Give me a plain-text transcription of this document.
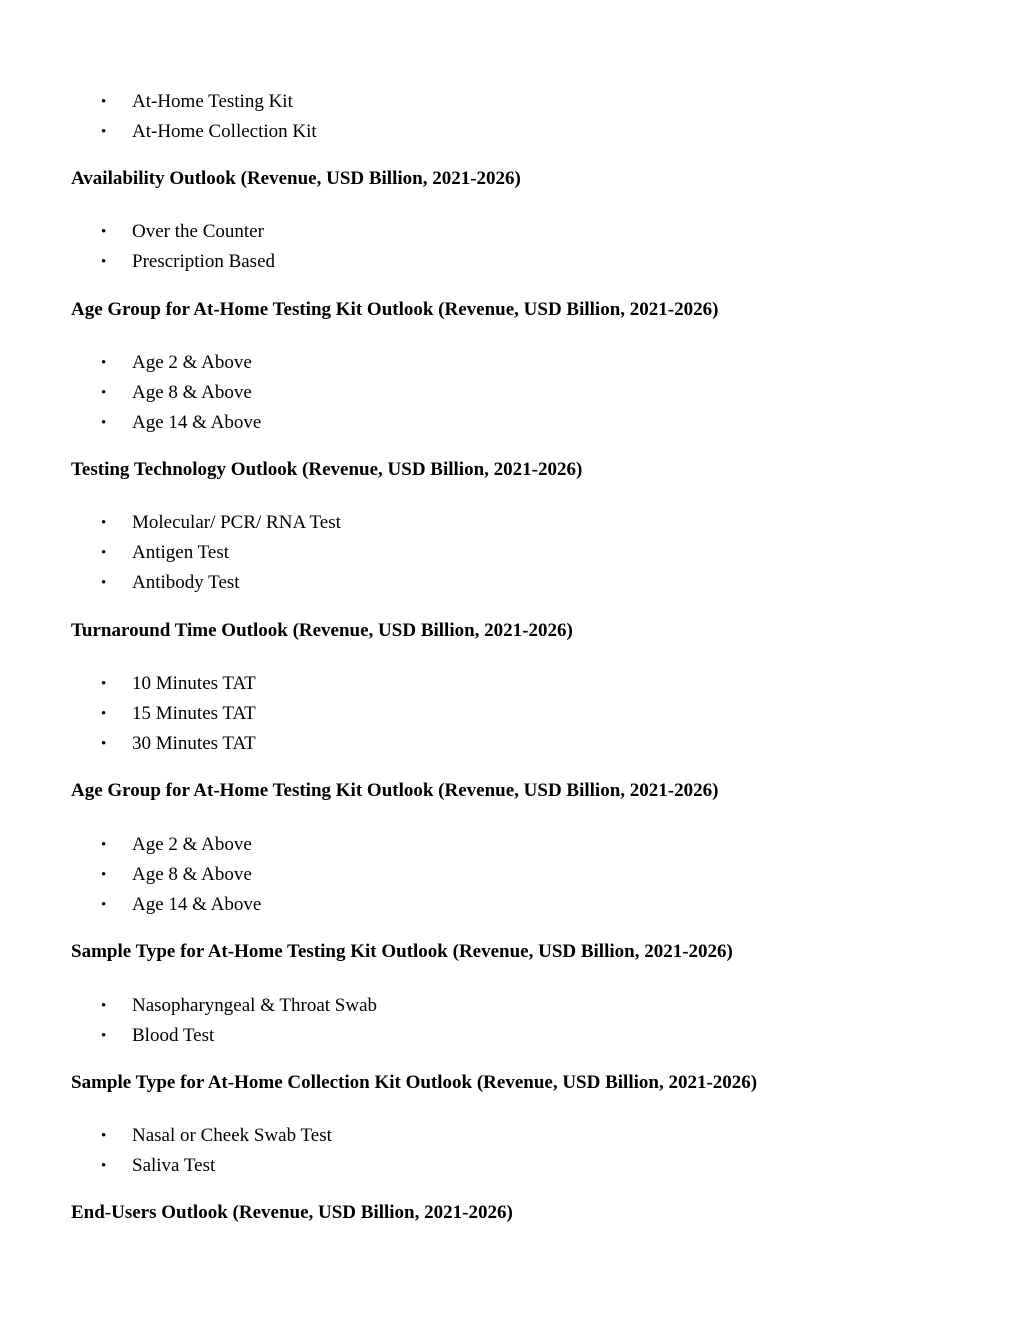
• At-Home Testing Kit
• At-Home Collection Kit
Availability Outlook (Revenue, USD Billion, 2021-2026)
• Over the Counter
• Prescription Based
Age Group for At-Home Testing Kit Outlook (Revenue, USD Billion, 2021-2026)
• Age 2 & Above
• Age 8 & Above
• Age 14 & Above
Testing Technology Outlook (Revenue, USD Billion, 2021-2026)
• Molecular/ PCR/ RNA Test
• Antigen Test
• Antibody Test
Turnaround Time Outlook (Revenue, USD Billion, 2021-2026)
• 10 Minutes TAT
• 15 Minutes TAT
• 30 Minutes TAT
Age Group for At-Home Testing Kit Outlook (Revenue, USD Billion, 2021-2026)
• Age 2 & Above
• Age 8 & Above
• Age 14 & Above
Sample Type for At-Home Testing Kit Outlook (Revenue, USD Billion, 2021-2026)
• Nasopharyngeal & Throat Swab
• Blood Test
Sample Type for At-Home Collection Kit Outlook (Revenue, USD Billion, 2021-2026)
• Nasal or Cheek Swab Test
• Saliva Test
End-Users Outlook (Revenue, USD Billion, 2021-2026)
